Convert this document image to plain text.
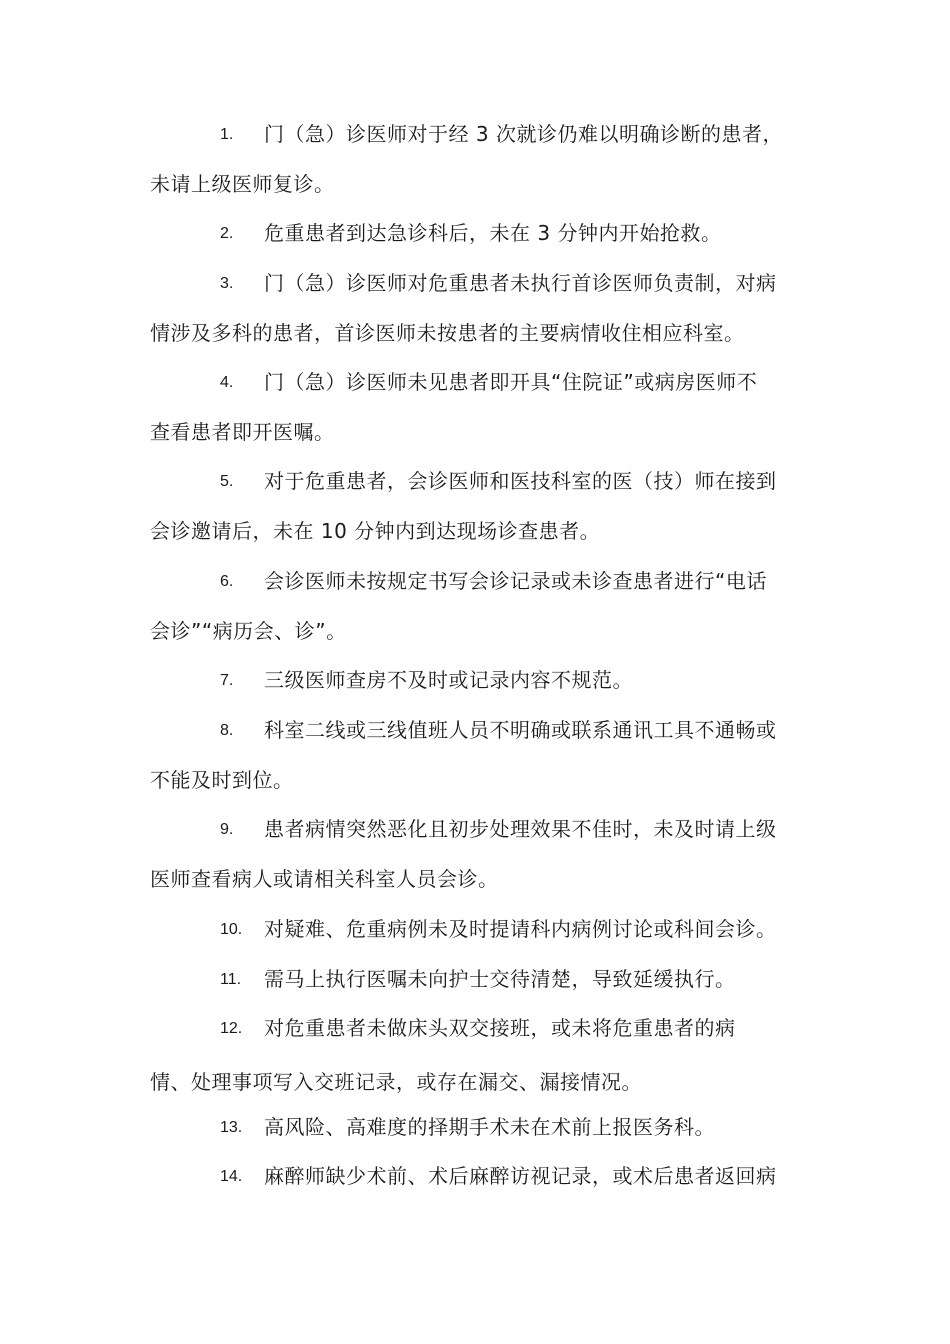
1. 门（急）诊医师对于经 3 次就诊仍难以明确诊断的患者，
未请上级医师复诊。
2. 危重患者到达急诊科后，未在 3 分钟内开始抢救。
3. 门（急）诊医师对危重患者未执行首诊医师负责制，对病
情涉及多科的患者，首诊医师未按患者的主要病情收住相应科室。
4. 门（急）诊医师未见患者即开具“住院证”或病房医师不
查看患者即开医嘱。
5. 对于危重患者，会诊医师和医技科室的医（技）师在接到
会诊邀请后，未在 10 分钟内到达现场诊查患者。
6. 会诊医师未按规定书写会诊记录或未诊查患者进行“电话
会诊”“病历会、诊”。
7. 三级医师查房不及时或记录内容不规范。
8. 科室二线或三线值班人员不明确或联系通讯工具不通畅或
不能及时到位。
9. 患者病情突然恶化且初步处理效果不佳时，未及时请上级
医师查看病人或请相关科室人员会诊。
10. 对疑难、危重病例未及时提请科内病例讨论或科间会诊。
11. 需马上执行医嘱未向护士交待清楚，导致延缓执行。
12. 对危重患者未做床头双交接班，或未将危重患者的病
情、处理事项写入交班记录，或存在漏交、漏接情况。
13. 高风险、高难度的择期手术未在术前上报医务科。
14. 麻醉师缺少术前、术后麻醉访视记录，或术后患者返回病
